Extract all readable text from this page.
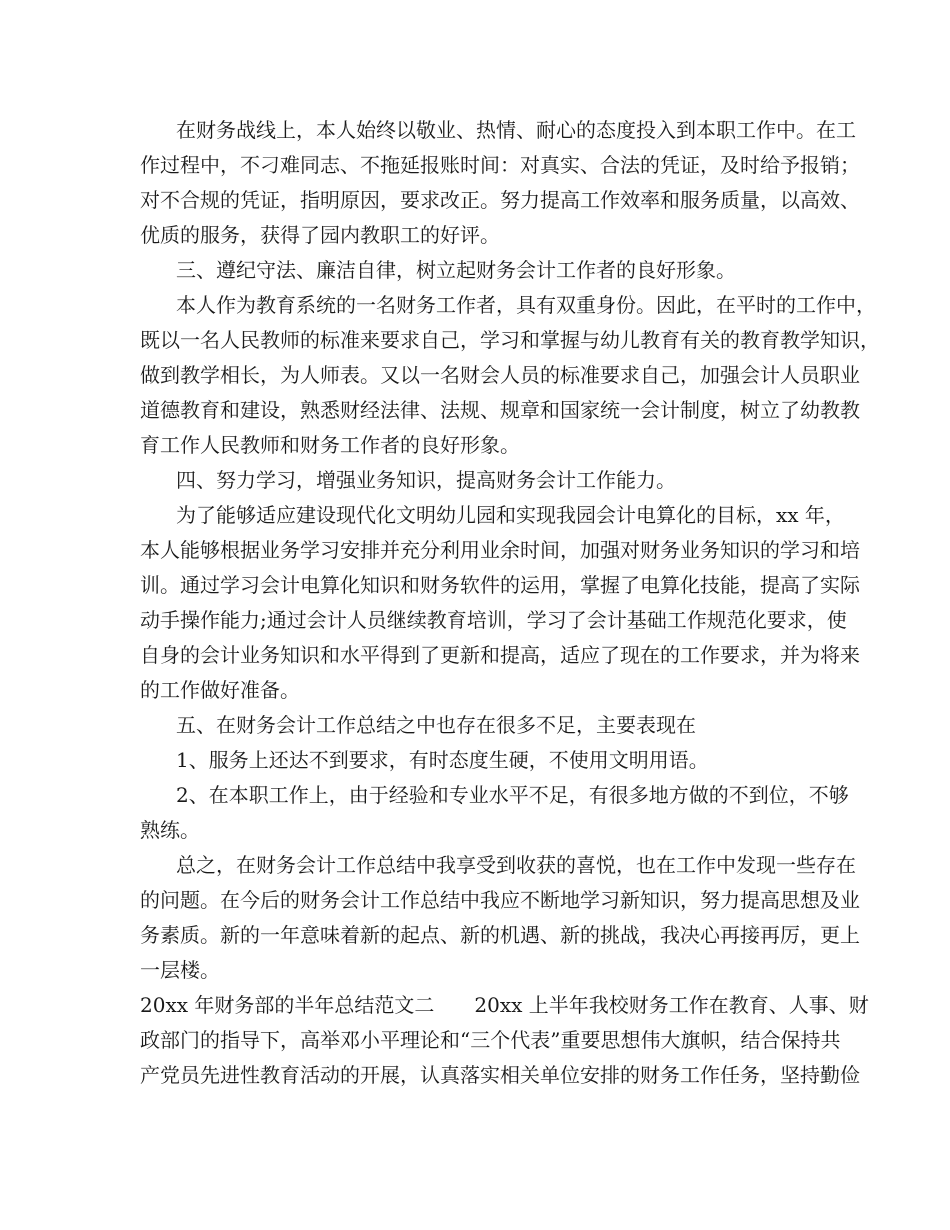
在财务战线上，本人始终以敬业、热情、耐心的态度投入到本职工作中。在工
作过程中，不刁难同志、不拖延报账时间：对真实、合法的凭证，及时给予报销；
对不合规的凭证，指明原因，要求改正。努力提高工作效率和服务质量，以高效、
优质的服务，获得了园内教职工的好评。
三、遵纪守法、廉洁自律，树立起财务会计工作者的良好形象。
本人作为教育系统的一名财务工作者，具有双重身份。因此，在平时的工作中，
既以一名人民教师的标准来要求自己，学习和掌握与幼儿教育有关的教育教学知识，
做到教学相长，为人师表。又以一名财会人员的标准要求自己，加强会计人员职业
道德教育和建设，熟悉财经法律、法规、规章和国家统一会计制度，树立了幼教教
育工作人民教师和财务工作者的良好形象。
四、努力学习，增强业务知识，提高财务会计工作能力。
为了能够适应建设现代化文明幼儿园和实现我园会计电算化的目标，xx 年，
本人能够根据业务学习安排并充分利用业余时间，加强对财务业务知识的学习和培
训。通过学习会计电算化知识和财务软件的运用，掌握了电算化技能，提高了实际
动手操作能力;通过会计人员继续教育培训，学习了会计基础工作规范化要求，使
自身的会计业务知识和水平得到了更新和提高，适应了现在的工作要求，并为将来
的工作做好准备。
五、在财务会计工作总结之中也存在很多不足，主要表现在
1、服务上还达不到要求，有时态度生硬，不使用文明用语。
2、在本职工作上，由于经验和专业水平不足，有很多地方做的不到位，不够
熟练。
总之，在财务会计工作总结中我享受到收获的喜悦，也在工作中发现一些存在
的问题。在今后的财务会计工作总结中我应不断地学习新知识，努力提高思想及业
务素质。新的一年意味着新的起点、新的机遇、新的挑战，我决心再接再厉，更上
一层楼。
20xx 年财务部的半年总结范文二　　20xx 上半年我校财务工作在教育、人事、财
政部门的指导下，高举邓小平理论和“三个代表”重要思想伟大旗帜，结合保持共
产党员先进性教育活动的开展，认真落实相关单位安排的财务工作任务，坚持勤俭
